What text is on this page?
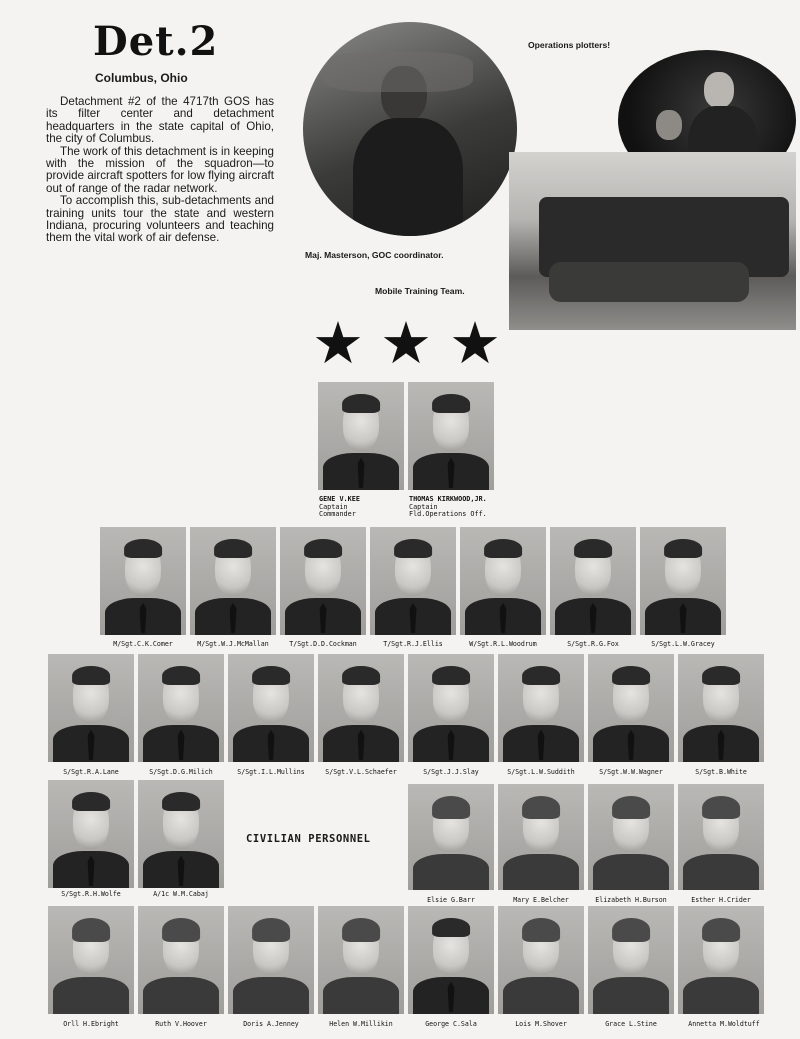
Det.2
Columbus, Ohio

Detachment #2 of the 4717th GOS has its filter center and detachment headquarters in the state capital of Ohio, the city of Columbus.

The work of this detachment is in keeping with the mission of the squadron—to provide aircraft spotters for low flying aircraft out of range of the radar network.

To accomplish this, sub-detachments and training units tour the state and western Indiana, procuring volunteers and teaching them the vital work of air defense.

Maj. Masterson, GOC coordinator.
Operations plotters!
Mobile Training Team.
★ ★ ★
GENE V.KEE
Captain
Commander
THOMAS KIRKWOOD,JR.
Captain
Fld.Operations Off.
M/Sgt.C.K.Comer	M/Sgt.W.J.McMallan	T/Sgt.D.D.Cockman	T/Sgt.R.J.Ellis	W/Sgt.R.L.Woodrum	S/Sgt.R.G.Fox	S/Sgt.L.W.Gracey
S/Sgt.R.A.Lane	S/Sgt.D.G.Milich	S/Sgt.I.L.Mullins	S/Sgt.V.L.Schaefer	S/Sgt.J.J.Slay	S/Sgt.L.W.Suddith	S/Sgt.W.W.Wagner	S/Sgt.B.White
S/Sgt.R.H.Wolfe	A/1c W.M.Cabaj
CIVILIAN PERSONNEL
Elsie G.Barr	Mary E.Belcher	Elizabeth H.Burson	Esther H.Crider
Orll H.Ebright	Ruth V.Hoover	Doris A.Jenney	Helen W.Millikin	George C.Sala	Lois M.Shover	Grace L.Stine	Annetta M.Woldtuff
